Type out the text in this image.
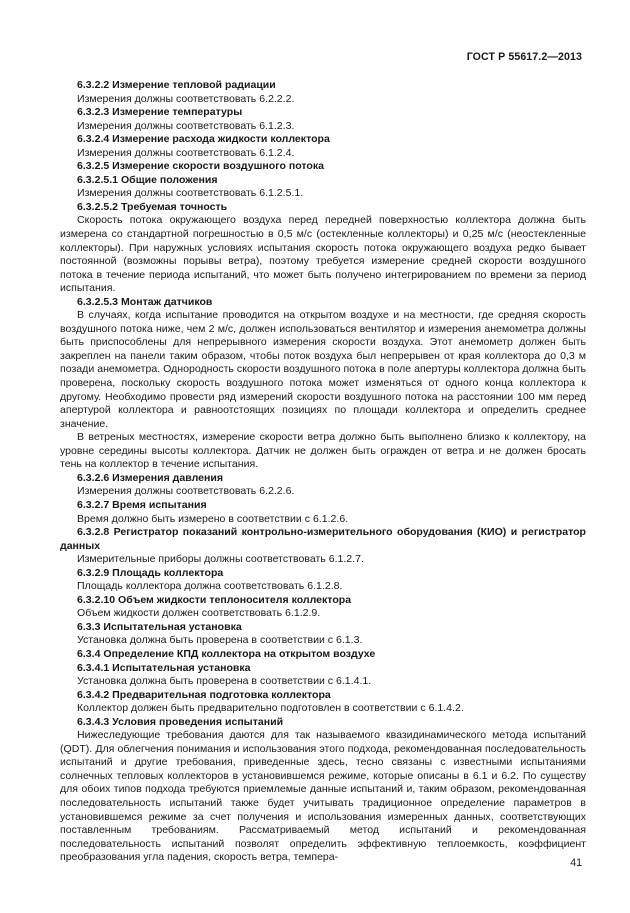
ГОСТ Р 55617.2—2013

6.3.2.2 Измерение тепловой радиации

Измерения должны соответствовать 6.2.2.2.

6.3.2.3 Измерение температуры

Измерения должны соответствовать 6.1.2.3.

6.3.2.4 Измерение расхода жидкости коллектора

Измерения должны соответствовать 6.1.2.4.

6.3.2.5 Измерение скорости воздушного потока

6.3.2.5.1 Общие положения

Измерения должны соответствовать 6.1.2.5.1.

6.3.2.5.2 Требуемая точность

Скорость потока окружающего воздуха перед передней поверхностью коллектора должна быть измерена со стандартной погрешностью в 0,5 м/с (остекленные коллекторы) и 0,25 м/с (неостекленные коллекторы). При наружных условиях испытания скорость потока окружающего воздуха редко бывает постоянной (возможны порывы ветра), поэтому требуется измерение средней скорости воздушного потока в течение периода испытаний, что может быть получено интегрированием по времени за период испытания.

6.3.2.5.3 Монтаж датчиков

В случаях, когда испытание проводится на открытом воздухе и на местности, где средняя скорость воздушного потока ниже, чем 2 м/с, должен использоваться вентилятор и измерения анемометра должны быть приспособлены для непрерывного измерения скорости воздуха. Этот анемометр должен быть закреплен на панели таким образом, чтобы поток воздуха был непрерывен от края коллектора до 0,3 м позади анемометра. Однородность скорости воздушного потока в поле апертуры коллектора должна быть проверена, поскольку скорость воздушного потока может изменяться от одного конца коллектора к другому. Необходимо провести ряд измерений скорости воздушного потока на расстоянии 100 мм перед апертурой коллектора и равноотстоящих позициях по площади коллектора и определить среднее значение.

В ветреных местностях, измерение скорости ветра должно быть выполнено близко к коллектору, на уровне середины высоты коллектора. Датчик не должен быть огражден от ветра и не должен бросать тень на коллектор в течение испытания.

6.3.2.6 Измерения давления

Измерения должны соответствовать 6.2.2.6.

6.3.2.7 Время испытания

Время должно быть измерено в соответствии с 6.1.2.6.

6.3.2.8 Регистратор показаний контрольно-измерительного оборудования (КИО) и регистратор данных

Измерительные приборы должны соответствовать 6.1.2.7.

6.3.2.9 Площадь коллектора

Площадь коллектора должна соответствовать 6.1.2.8.

6.3.2.10 Объем жидкости теплоносителя коллектора

Объем жидкости должен соответствовать 6.1.2.9.

6.3.3 Испытательная установка

Установка должна быть проверена в соответствии с 6.1.3.

6.3.4 Определение КПД коллектора на открытом воздухе

6.3.4.1 Испытательная установка

Установка должна быть проверена в соответствии с 6.1.4.1.

6.3.4.2 Предварительная подготовка коллектора

Коллектор должен быть предварительно подготовлен в соответствии с 6.1.4.2.

6.3.4.3 Условия проведения испытаний

Нижеследующие требования даются для так называемого квазидинамического метода испытаний (QDT). Для облегчения понимания и использования этого подхода, рекомендованная последовательность испытаний и другие требования, приведенные здесь, тесно связаны с известными испытаниями солнечных тепловых коллекторов в установившемся режиме, которые описаны в 6.1 и 6.2. По существу для обоих типов подхода требуются приемлемые данные испытаний и, таким образом, рекомендованная последовательность испытаний также будет учитывать традиционное определение параметров в установившемся режиме за счет получения и использования измеренных данных, соответствующих поставленным требованиям. Рассматриваемый метод испытаний и рекомендованная последовательность испытаний позволят определить эффективную теплоемкость, коэффициент преобразования угла падения, скорость ветра, темпера-	41
